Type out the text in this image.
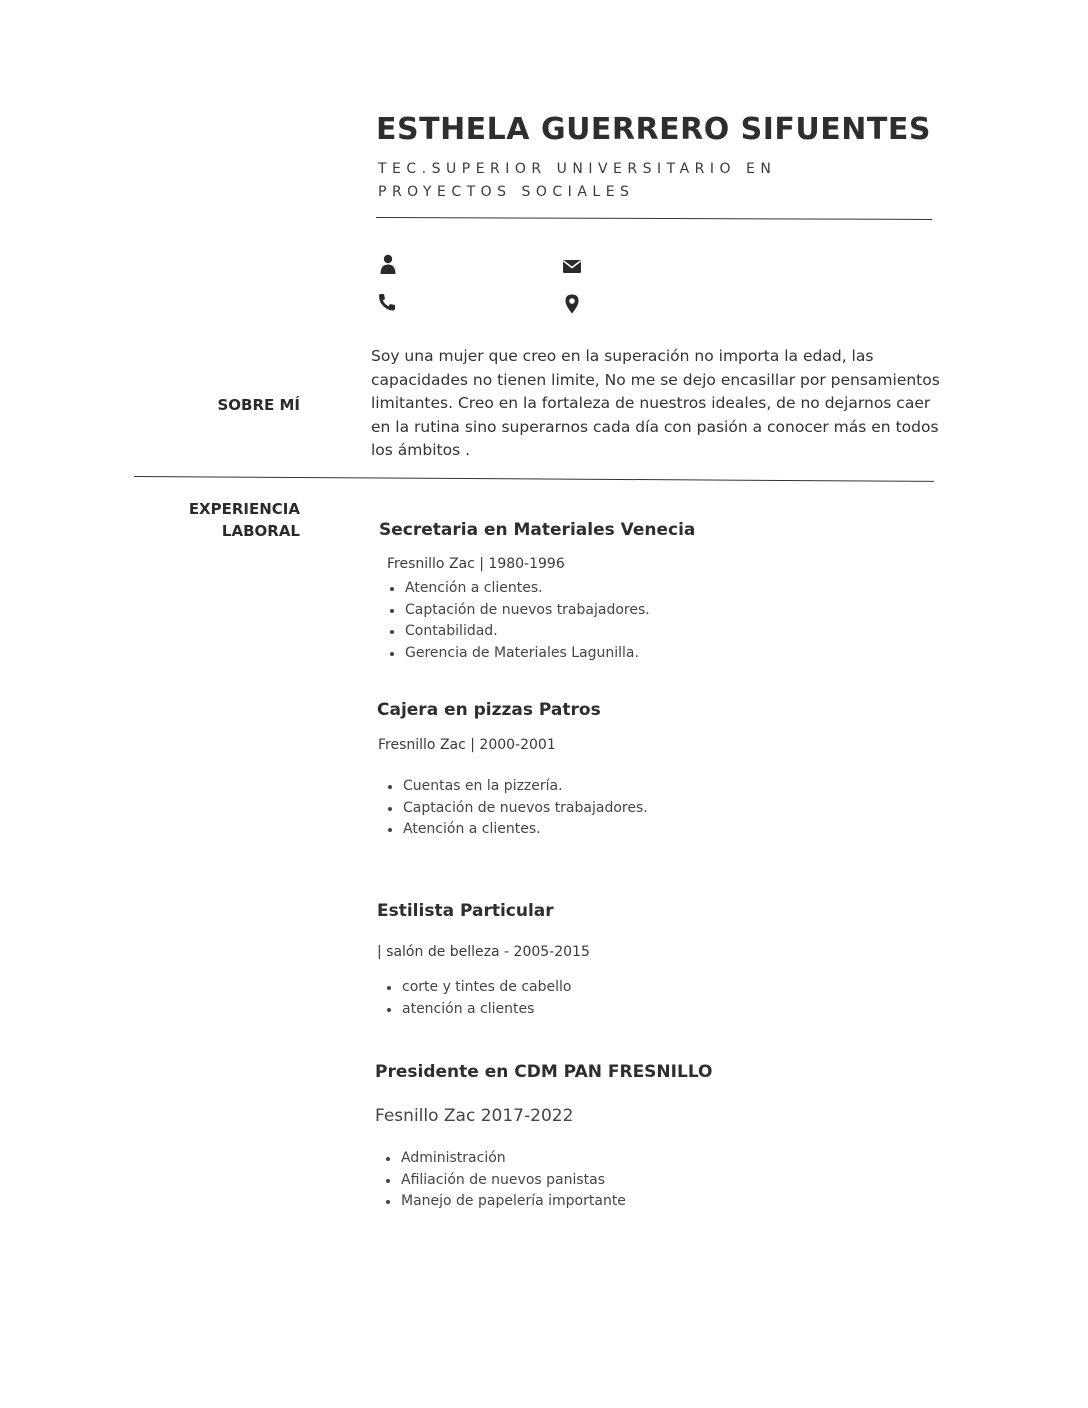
ESTHELA GUERRERO SIFUENTES
TEC.SUPERIOR UNIVERSITARIO EN
PROYECTOS SOCIALES
SOBRE MÍ
Soy una mujer que creo en la superación no importa la edad, las capacidades no tienen limite, No me se dejo encasillar por pensamientos limitantes. Creo en la fortaleza de nuestros ideales, de no dejarnos caer en la rutina sino superarnos cada día con pasión a conocer más en todos los ámbitos .
EXPERIENCIA
LABORAL	Secretaria en Materiales Venecia
Fresnillo Zac | 1980-1996
Atención a clientes.
Captación de nuevos trabajadores.
Contabilidad.
Gerencia de Materiales Lagunilla.
Cajera en pizzas Patros
Fresnillo Zac | 2000-2001
Cuentas en la pizzería.
Captación de nuevos trabajadores.
Atención a clientes.
Estilista Particular
| salón de belleza - 2005-2015
corte y tintes de cabello
atención a clientes
Presidente en CDM PAN FRESNILLO
Fesnillo Zac 2017-2022
Administración
Afiliación de nuevos panistas
Manejo de papelería importante
